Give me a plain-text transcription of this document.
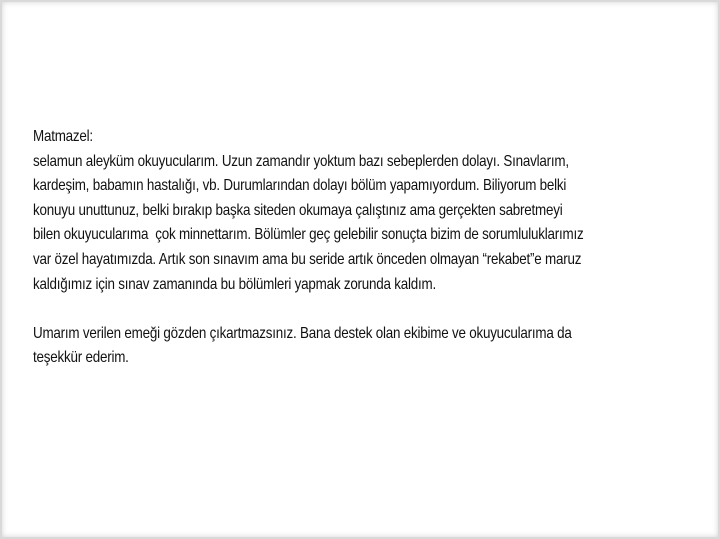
Matmazel:
selamun aleyküm okuyucularım. Uzun zamandır yoktum bazı sebeplerden dolayı. Sınavlarım,
kardeşim, babamın hastalığı, vb. Durumlarından dolayı bölüm yapamıyordum. Biliyorum belki
konuyu unuttunuz, belki bırakıp başka siteden okumaya çalıştınız ama gerçekten sabretmeyi
bilen okuyucularıma  çok minnettarım. Bölümler geç gelebilir sonuçta bizim de sorumluluklarımız
var özel hayatımızda. Artık son sınavım ama bu seride artık önceden olmayan “rekabet”e maruz
kaldığımız için sınav zamanında bu bölümleri yapmak zorunda kaldım.
Umarım verilen emeği gözden çıkartmazsınız. Bana destek olan ekibime ve okuyucularıma da
teşekkür ederim.
